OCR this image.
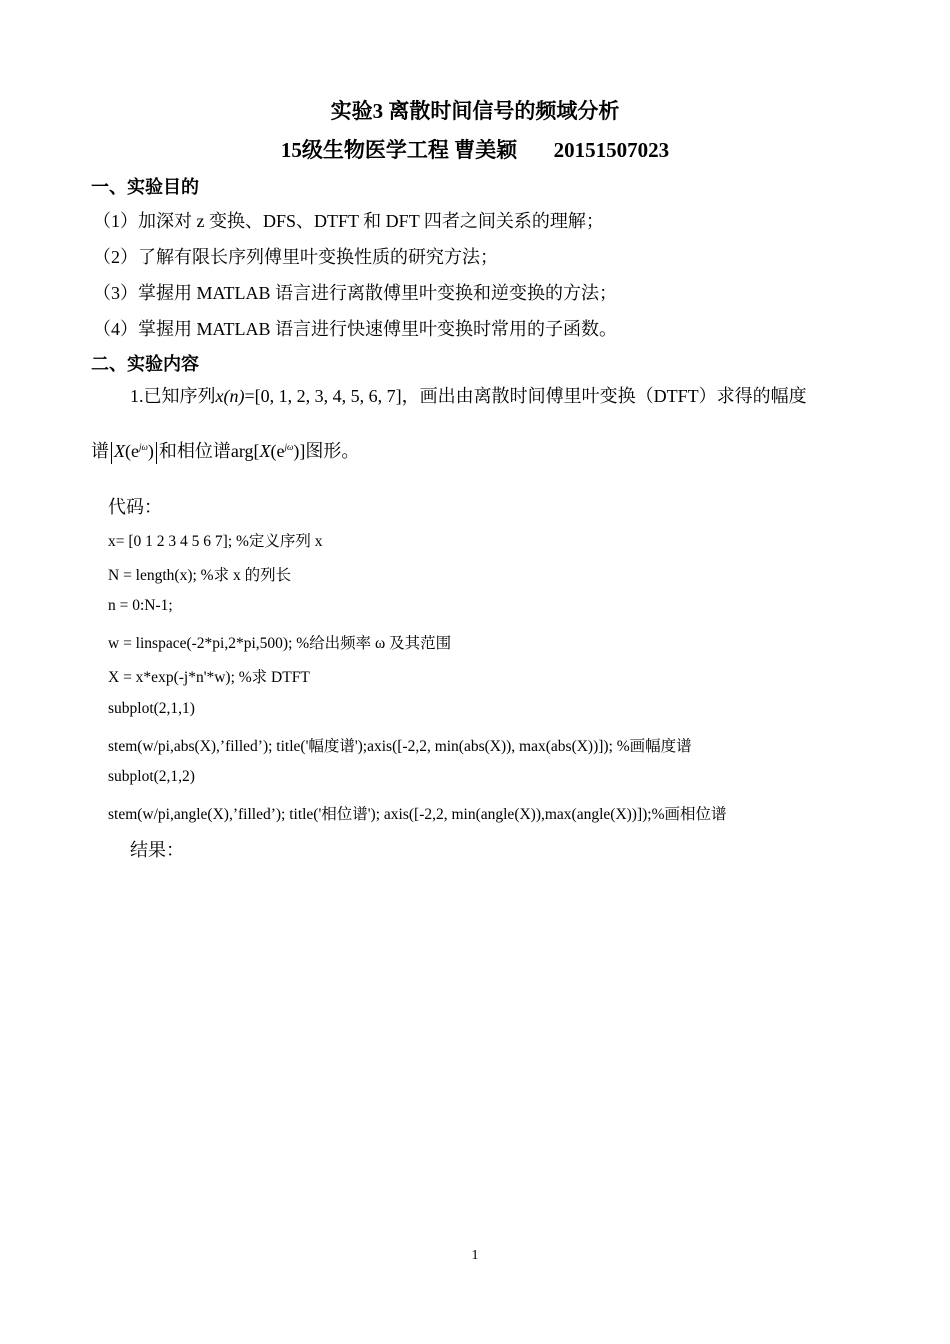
实验3 离散时间信号的频域分析
15级生物医学工程 曹美颖 20151507023
一、实验目的
（1）加深对 z 变换、DFS、DTFT 和 DFT 四者之间关系的理解；
（2）了解有限长序列傅里叶变换性质的研究方法；
（3）掌握用 MATLAB 语言进行离散傅里叶变换和逆变换的方法；
（4）掌握用 MATLAB 语言进行快速傅里叶变换时常用的子函数。
二、实验内容
1.已知序列x(n)=[0, 1, 2, 3, 4, 5, 6, 7]，画出由离散时间傅里叶变换（DTFT）求得的幅度
谱 $X(e^{j\omega})$ 和相位谱$arg[X(e^{j\omega})]$图形。
代码：
x= [0 1 2 3 4 5 6 7]; %定义序列 x
N = length(x); %求 x 的列长
n = 0:N-1;
w = linspace(-2*pi,2*pi,500); %给出频率 ω 及其范围
X = x*exp(-j*n'*w); %求 DTFT
subplot(2,1,1)
stem(w/pi,abs(X),’filled’); title('幅度谱');axis([-2,2, min(abs(X)), max(abs(X))]); %画幅度谱
subplot(2,1,2)
stem(w/pi,angle(X),’filled’); title('相位谱'); axis([-2,2, min(angle(X)),max(angle(X))]);%画相位谱
结果：
1
